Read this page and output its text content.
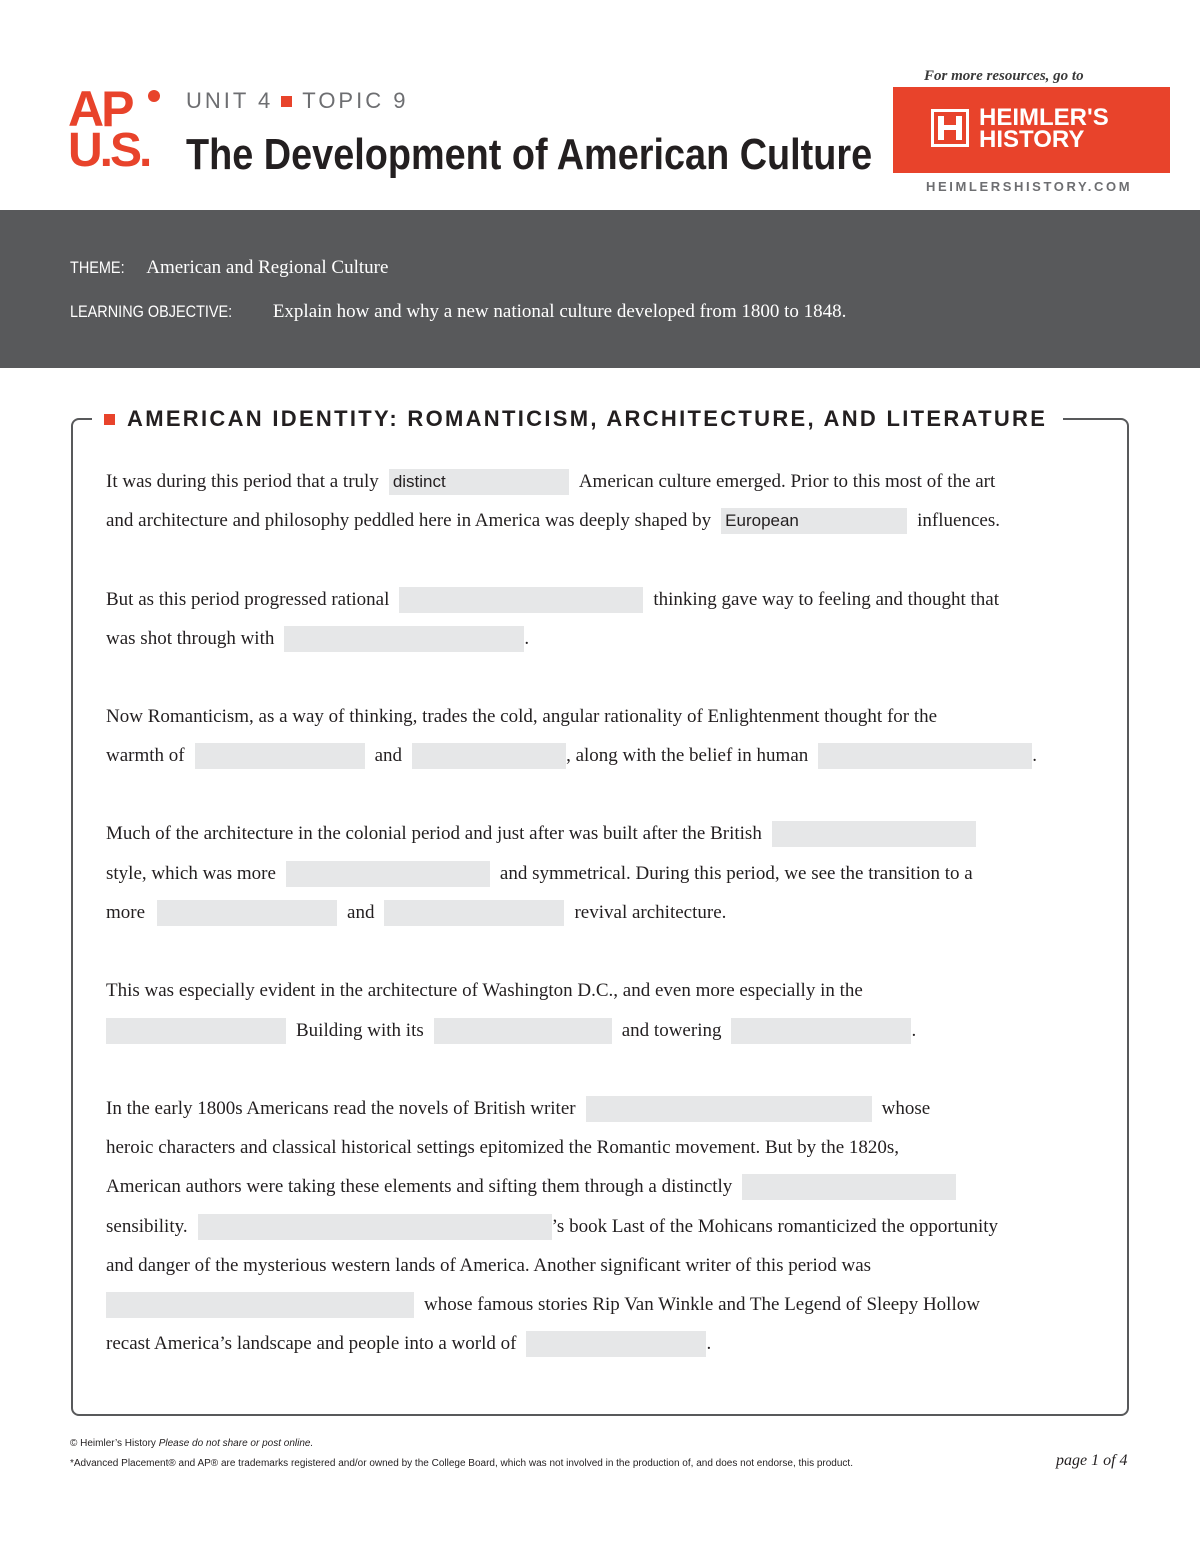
AP
U.S.
UNIT 4 TOPIC 9
The Development of American Culture
For more resources, go to
HEIMLER'S
HISTORY
HEIMLERSHISTORY.COM
THEME: American and Regional Culture
LEARNING OBJECTIVE: Explain how and why a new national culture developed from 1800 to 1848.
AMERICAN IDENTITY: ROMANTICISM, ARCHITECTURE, AND LITERATURE
It was during this period that a truly distinct	American culture emerged. Prior to this most of the art
and architecture and philosophy peddled here in America was deeply shaped by European	influences.
But as this period progressed rational	thinking gave way to feeling and thought that
was shot through with	.
Now Romanticism, as a way of thinking, trades the cold, angular rationality of Enlightenment thought for the
warmth of	and	, along with the belief in human	.
Much of the architecture in the colonial period and just after was built after the British
style, which was more	and symmetrical. During this period, we see the transition to a
more	and	revival architecture.
This was especially evident in the architecture of Washington D.C., and even more especially in the
Building with its	and towering	.
In the early 1800s Americans read the novels of British writer	whose
heroic characters and classical historical settings epitomized the Romantic movement. But by the 1820s,
American authors were taking these elements and sifting them through a distinctly
sensibility.	’s book Last of the Mohicans romanticized the opportunity
and danger of the mysterious western lands of America. Another significant writer of this period was
whose famous stories Rip Van Winkle and The Legend of Sleepy Hollow
recast America’s landscape and people into a world of	.
© Heimler’s History Please do not share or post online.
*Advanced Placement® and AP® are trademarks registered and/or owned by the College Board, which was not involved in the production of, and does not endorse, this product.	page 1 of 4
